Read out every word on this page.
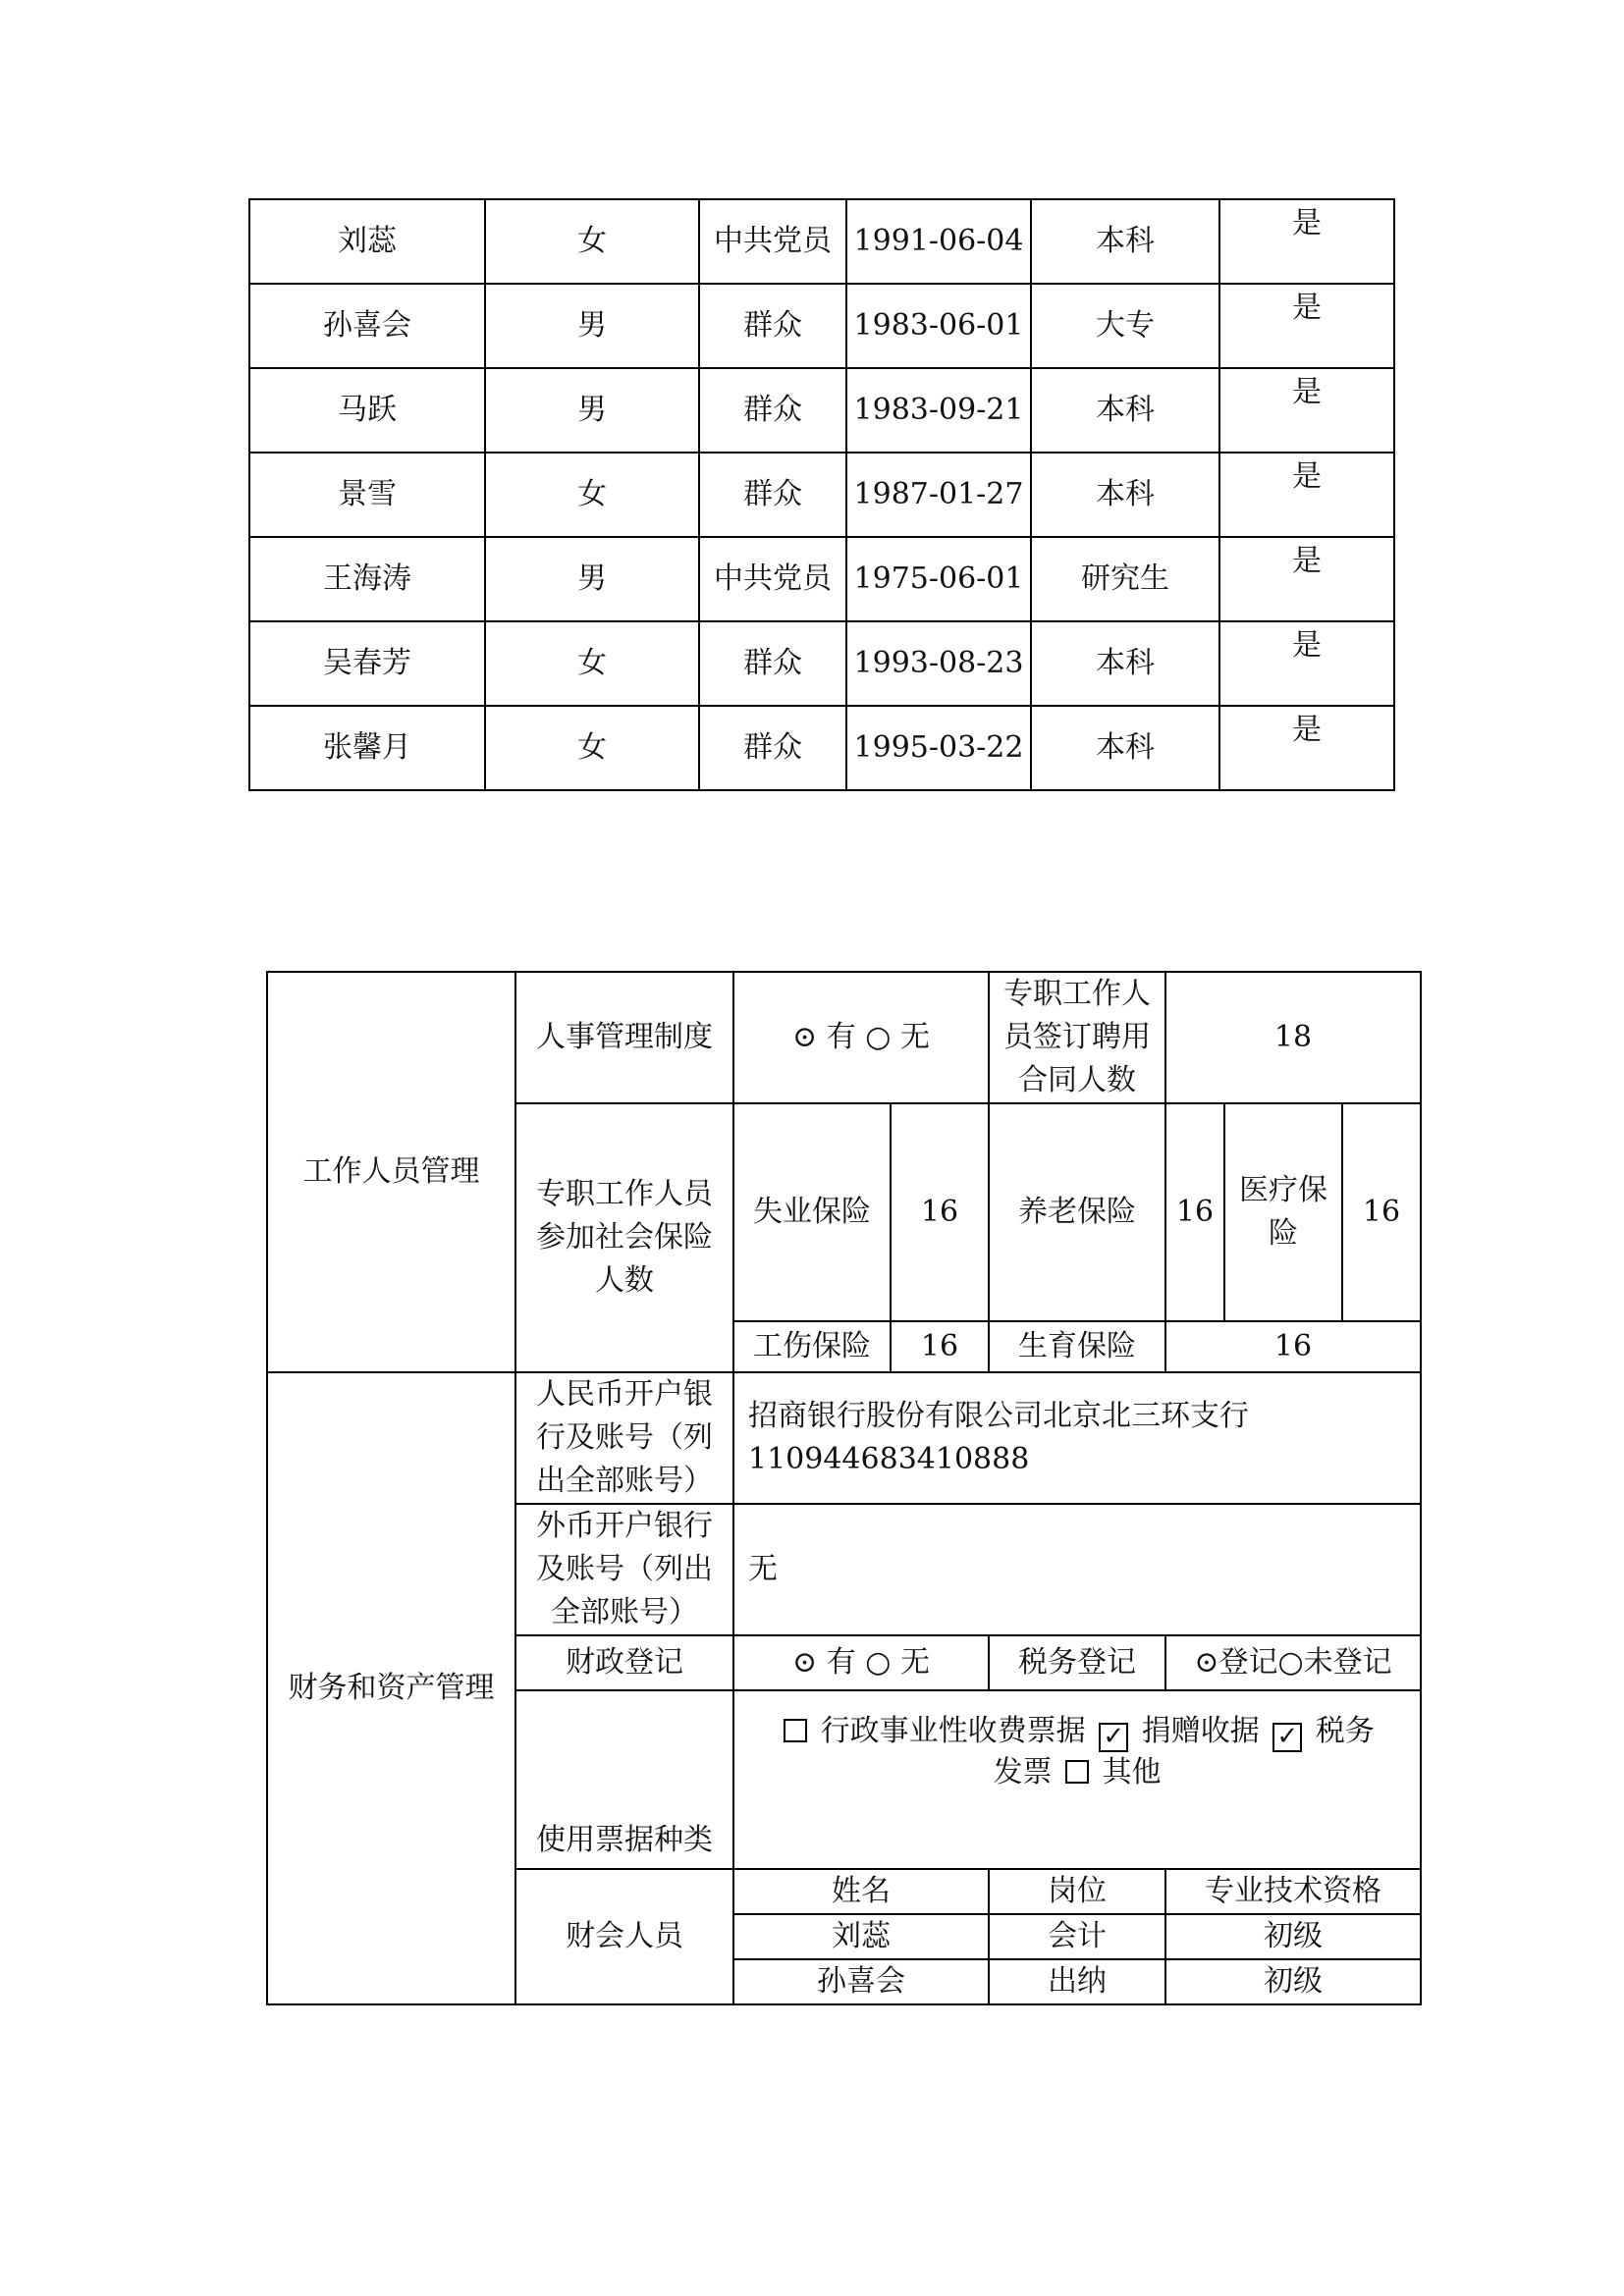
刘蕊	女	中共党员	1991-06-04	本科	是
孙喜会	男	群众	1983-06-01	大专	是
马跃	男	群众	1983-09-21	本科	是
景雪	女	群众	1987-01-27	本科	是
王海涛	男	中共党员	1975-06-01	研究生	是
吴春芳	女	群众	1993-08-23	本科	是
张馨月	女	群众	1995-03-22	本科	是
工作人员管理	人事管理制度	⊙ 有 ○ 无		专职工作人员签订聘用合同人数	18		
	专职工作人员参加社会保险人数	失业保险	16	养老保险	16	医疗保险	16
		工伤保险	16	生育保险	16		
财务和资产管理	人民币开户银行及账号（列出全部账号）	招商银行股份有限公司北京北三环支行
110944683410888					

	外币开户银行及账号（列出全部账号）	无					
	财政登记	⊙ 有 ○ 无		税务登记	⊙登记○未登记		
	使用票据种类	行政事业性收费票据 ✓ 捐赠收据 ✓ 税务
发票 其他					
	财会人员	姓名		岗位	专业技术资格		
		刘蕊		会计	初级		
		孙喜会		出纳	初级		
